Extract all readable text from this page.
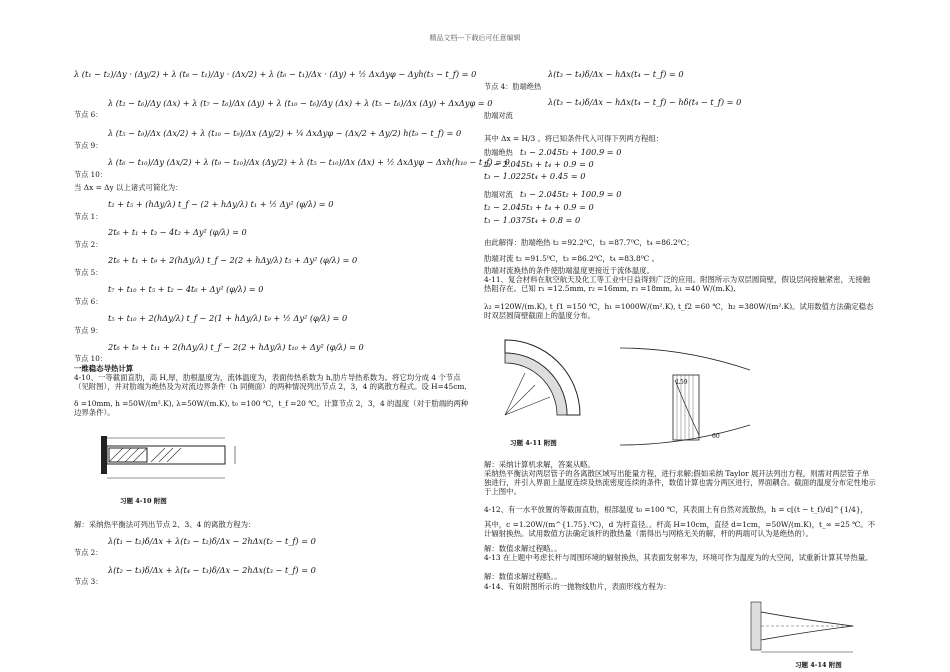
精品文档---下载后可任意编辑
λ (t₁ − t₂)/Δy · (Δy/2) + λ (t₈ − t₁)/Δy · (Δx/2) + λ (t₆ − t₁)/Δx · (Δy) + ½ ΔxΔyφ − Δyh(t₅ − t_f) = 0
节点 6：
λ (t₂ − t₆)/Δy (Δx) + λ (t₇ − t₆)/Δx (Δy) + λ (t₁₀ − t₆)/Δy (Δx) + λ (t₅ − t₆)/Δx (Δy) + ΔxΔyφ = 0
节点 9：
λ (t₅ − t₉)/Δx (Δx/2) + λ (t₁₀ − t₉)/Δx (Δy/2) + ¼ ΔxΔyφ − (Δx/2 + Δy/2) h(t₉ − t_f) = 0
节点 10：
λ (t₆ − t₁₀)/Δy (Δx/2) + λ (t₉ − t₁₀)/Δx (Δy/2) + λ (t₅ − t₁₀)/Δx (Δx) + ½ ΔxΔyφ − Δxh(h₁₀ − t_f) = 0
当 Δx = Δy 以上诸式可简化为：
节点 1：
t₂ + t₅ + (hΔy/λ) t_f − (2 + hΔy/λ) t₁ + ½ Δy² (φ/λ) = 0
节点 2：
2t₆ + t₁ + t₃ − 4t₂ + Δy² (φ/λ) = 0
节点 5：
2t₆ + t₁ + t₉ + 2(hΔy/λ) t_f − 2(2 + hΔy/λ) t₅ + Δy² (φ/λ) = 0
节点 6：
t₇ + t₁₀ + t₅ + t₂ − 4t₆ + Δy² (φ/λ) = 0
节点 9：
t₅ + t₁₀ + 2(hΔy/λ) t_f − 2(1 + hΔy/λ) t₉ + ½ Δy² (φ/λ) = 0
节点 10：
2t₆ + t₉ + t₁₁ + 2(hΔy/λ) t_f − 2(2 + hΔy/λ) t₁₀ + Δy² (φ/λ) = 0
一维稳态导热计算
4-10、一等截面直肋，高 H,厚，肋根温度为，流体温度为，表面传热系数为 h,肋片导热系数为。将它均分成 4 个节点（见附图），并对肋端为绝热及为对流边界条件（h 同侧面）的两种情况列出节点 2，3，4 的离散方程式。设 H=45cm,
δ =10mm, h =50W/(m².K), λ=50W/(m.K), t₀ =100 ℃，t_f =20 ℃。计算节点 2，3，4 的温度（对于肋端的两种边界条件）。
习题 4-10 附图
解：采纳热平衡法可列出节点 2、3、4 的离散方程为：
节点 2：
λ(t₁ − t₂)δ/Δx + λ(t₃ − t₂)δ/Δx − 2hΔx(t₂ − t_f) = 0
节点 3：
λ(t₂ − t₃)δ/Δx + λ(t₄ − t₃)δ/Δx − 2hΔx(t₃ − t_f) = 0
λ(t₃ − t₄)δ/Δx − hΔx(t₄ − t_f) = 0
节点 4：肋端绝热
λ(t₃ − t₄)δ/Δx − hΔx(t₄ − t_f) − hδ(t₄ − t_f) = 0
肋端对流
其中 Δx = H/3 。将已知条件代入可得下列两方程组：
肋端绝热 t₃ − 2.045t₂ + 100.9 = 0
t₂ − 2.045t₃ + t₄ + 0.9 = 0
t₃ − 1.0225t₄ + 0.45 = 0
肋端对流 t₃ − 2.045t₂ + 100.9 = 0
t₂ − 2.045t₃ + t₄ + 0.9 = 0
t₃ − 1.0375t₄ + 0.8 = 0
由此解得：肋端绝热 t₂ =92.2⁰C，t₃ =87.7⁰C，t₄ =86.2⁰C；
肋端对流 t₂ =91.5⁰C，t₃ =86.2⁰C，t₄ =83.8⁰C 。
肋端对流换热的条件使肋端温度更接近于流体温度。
4-11、复合材料在航空航天及化工等工业中日益得到广泛的应用。附图所示为双层圆筒壁，假设层间接触紧密，无接触热阻存在。已知 r₁ =12.5mm, r₂ =16mm, r₃ =18mm, λ₁ =40 W/(m.K),
λ₂ =120W/(m.K), t_f1 =150 ℃，h₁ =1000W/(m².K), t_f2 =60 ℃，h₂ =380W/(m².K)。试用数值方法确定稳态时双层圆筒壁截面上的温度分布。
L59
60
习题 4-11 附图
解：采纳计算机求解，答案从略。
采纳热平衡法对两层管子的各离散区域写出能量方程，进行求解;假如采纳 Taylor 展开法列出方程，则需对两层管子单独进行，并引入界面上温度连续及热流密度连续的条件，数值计算也需分两区进行，界面耦合。截面的温度分布定性地示于上图中。
4-12、有一水平放置的等截面直肋，根部温度 t₀ =100 ℃，其表面上有自然对流散热，h = c[(t − t_f)/d]^{1/4}，
其中，c =1.20W/(m^{1.75}.⁰C)，d 为杆直径。。杆高 H=10cm，直径 d=1cm，=50W/(m.K)，t_∞ =25 ℃。不计辐射换热。试用数值方法确定该杆的散热量（需得出与网格无关的解，杆的两端可认为是绝热的）。
解：数值求解过程略。。
4-13 在上题中考虑长杆与周围环境的辐射换热，其表面发射率为，环境可作为温度为的大空间，试重新计算其导热量。
解：数值求解过程略。。
4-14、有如附图所示的一抛物线肋片，表面形线方程为：
习题 4-14 附图
